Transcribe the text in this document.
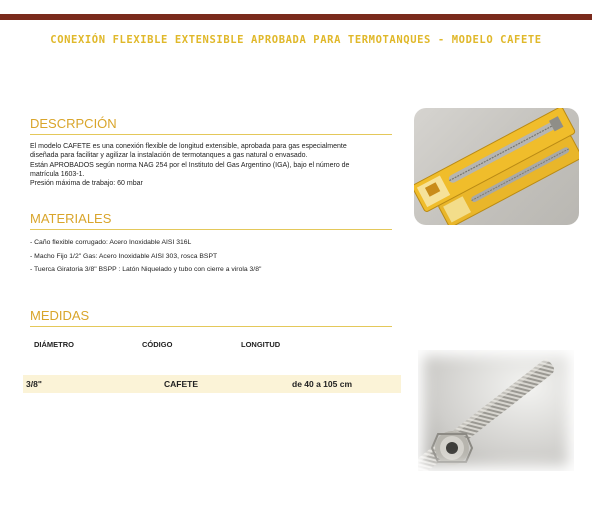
CONEXIÓN FLEXIBLE EXTENSIBLE APROBADA PARA TERMOTANQUES - MODELO CAFETE
DESCRPCIÓN

El modelo CAFETE es una conexión flexible de longitud extensible, aprobada para gas especialmente

diseñada para facilitar y agilizar la instalación de termotanques a gas natural o envasado.

Están APROBADOS según norma NAG 254 por el Instituto del Gas Argentino (IGA), bajo el número de

matrícula 1603-1.

Presión máxima de trabajo: 60 mbar

MATERIALES
- Caño flexible corrugado: Acero Inoxidable AISI 316L
- Macho Fijo 1/2" Gas: Acero Inoxidable AISI 303, rosca BSPT
- Tuerca Giratoria 3/8" BSPP : Latón Niquelado y tubo con cierre a virola 3/8"
MEDIDAS
DIÁMETRO	CÓDIGO	LONGITUD
3/8"	CAFETE	de 40 a 105 cm
